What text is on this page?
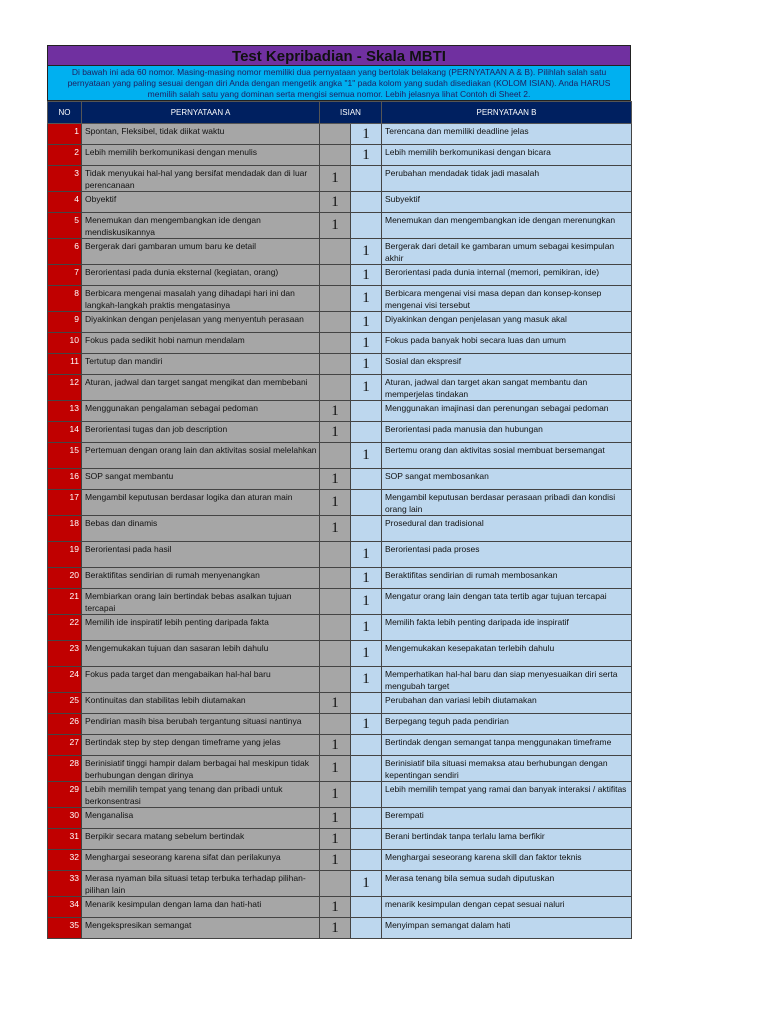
Test Kepribadian - Skala MBTI
Di bawah ini ada 60 nomor. Masing-masing nomor memiliki dua pernyataan yang bertolak belakang (PERNYATAAN A & B). Pilihlah salah satu pernyataan yang paling sesuai dengan diri Anda dengan mengetik angka "1" pada kolom yang sudah disediakan (KOLOM ISIAN). Anda HARUS memilih salah satu yang dominan serta mengisi semua nomor. Lebih jelasnya lihat Contoh di Sheet 2.
NO	PERNYATAAN A	ISIAN		PERNYATAAN B
1	Spontan, Fleksibel, tidak diikat waktu		1	Terencana dan memiliki deadline jelas
2	Lebih memilih berkomunikasi dengan menulis		1	Lebih memilih berkomunikasi dengan bicara
3	Tidak menyukai hal-hal yang bersifat mendadak dan di luar perencanaan	1		Perubahan mendadak tidak jadi masalah
4	Obyektif	1		Subyektif
5	Menemukan dan mengembangkan ide dengan mendiskusikannya	1		Menemukan dan mengembangkan ide dengan merenungkan
6	Bergerak dari gambaran umum baru ke detail		1	Bergerak dari detail ke gambaran umum sebagai kesimpulan akhir
7	Berorientasi pada dunia eksternal (kegiatan, orang)		1	Berorientasi pada dunia internal (memori, pemikiran, ide)
8	Berbicara mengenai masalah yang dihadapi hari ini dan langkah-langkah praktis mengatasinya		1	Berbicara mengenai visi masa depan dan konsep-konsep mengenai visi tersebut
9	Diyakinkan dengan penjelasan yang menyentuh perasaan		1	Diyakinkan dengan penjelasan yang masuk akal
10	Fokus pada sedikit hobi namun mendalam		1	Fokus pada banyak hobi secara luas dan umum
11	Tertutup dan mandiri		1	Sosial dan ekspresif
12	Aturan, jadwal dan target sangat mengikat dan membebani		1	Aturan, jadwal dan target akan sangat membantu dan memperjelas tindakan
13	Menggunakan pengalaman sebagai pedoman	1		Menggunakan imajinasi dan perenungan sebagai pedoman
14	Berorientasi tugas dan job description	1		Berorientasi pada manusia dan hubungan
15	Pertemuan dengan orang lain dan aktivitas sosial melelahkan		1	Bertemu orang dan aktivitas sosial membuat bersemangat
16	SOP sangat membantu	1		SOP sangat membosankan
17	Mengambil keputusan berdasar logika dan aturan main	1		Mengambil keputusan berdasar perasaan pribadi dan kondisi orang lain
18	Bebas dan dinamis	1		Prosedural dan tradisional
19	Berorientasi pada hasil		1	Berorientasi pada proses
20	Beraktifitas sendirian di rumah menyenangkan		1	Beraktifitas sendirian di rumah membosankan
21	Membiarkan orang lain bertindak bebas asalkan tujuan tercapai		1	Mengatur orang lain dengan tata tertib agar tujuan tercapai
22	Memilih ide inspiratif lebih penting daripada fakta		1	Memilih fakta lebih penting daripada ide inspiratif
23	Mengemukakan tujuan dan sasaran lebih dahulu		1	Mengemukakan kesepakatan terlebih dahulu
24	Fokus pada target dan mengabaikan hal-hal baru		1	Memperhatikan hal-hal baru dan siap menyesuaikan diri serta mengubah target
25	Kontinuitas dan stabilitas lebih diutamakan	1		Perubahan dan variasi lebih diutamakan
26	Pendirian masih bisa berubah tergantung situasi nantinya		1	Berpegang teguh pada pendirian
27	Bertindak step by step dengan timeframe yang jelas	1		Bertindak dengan semangat tanpa menggunakan timeframe
28	Berinisiatif tinggi hampir dalam berbagai hal meskipun tidak berhubungan dengan dirinya	1		Berinisiatif bila situasi memaksa atau berhubungan dengan kepentingan sendiri
29	Lebih memilih tempat yang tenang dan pribadi untuk berkonsentrasi	1		Lebih memilih tempat yang ramai dan banyak interaksi / aktifitas
30	Menganalisa	1		Berempati
31	Berpikir secara matang sebelum bertindak	1		Berani bertindak tanpa terlalu lama berfikir
32	Menghargai seseorang karena sifat dan perilakunya	1		Menghargai seseorang karena skill dan faktor teknis
33	Merasa nyaman bila situasi tetap terbuka terhadap pilihan-pilihan lain		1	Merasa tenang bila semua sudah diputuskan
34	Menarik kesimpulan dengan lama dan hati-hati	1		menarik kesimpulan dengan cepat sesuai naluri
35	Mengekspresikan semangat	1		Menyimpan semangat dalam hati
